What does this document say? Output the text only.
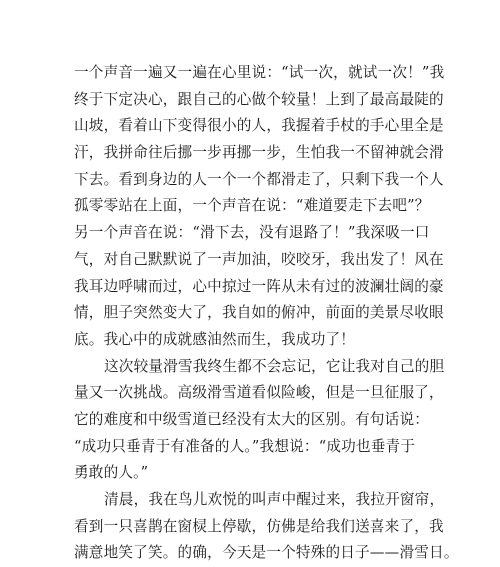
一个声音一遍又一遍在心里说：“试一次，就试一次！”我
终于下定决心，跟自己的心做个较量！上到了最高最陡的
山坡，看着山下变得很小的人，我握着手杖的手心里全是
汗，我拼命往后挪一步再挪一步，生怕我一不留神就会滑
下去。看到身边的人一个一个都滑走了，只剩下我一个人
孤零零站在上面，一个声音在说：“难道要走下去吧”？
另一个声音在说：“滑下去，没有退路了！”我深吸一口
气，对自己默默说了一声加油，咬咬牙，我出发了！风在
我耳边呼啸而过，心中掠过一阵从未有过的波澜壮阔的豪
情，胆子突然变大了，我自如的俯冲，前面的美景尽收眼
底。我心中的成就感油然而生，我成功了！
这次较量滑雪我终生都不会忘记，它让我对自己的胆
量又一次挑战。高级滑雪道看似险峻，但是一旦征服了，
它的难度和中级雪道已经没有太大的区别。有句话说：
“成功只垂青于有准备的人。”我想说：“成功也垂青于
勇敢的人。”
清晨，我在鸟儿欢悦的叫声中醒过来，我拉开窗帘，
看到一只喜鹊在窗棂上停歇，仿佛是给我们送喜来了，我
满意地笑了笑。的确，今天是一个特殊的日子——滑雪日。
